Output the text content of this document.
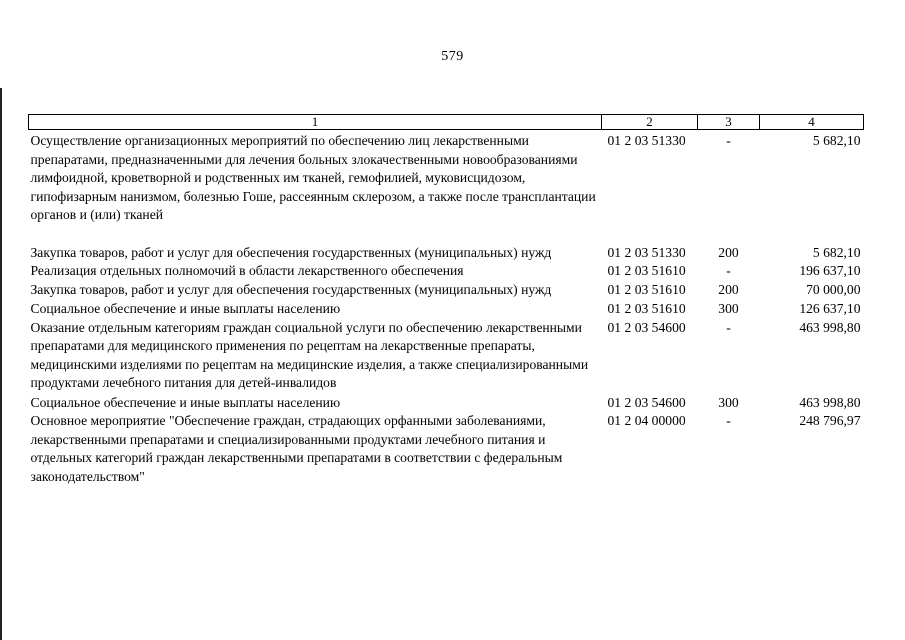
579
1	2	3	4
Осуществление организационных мероприятий по обеспечению лиц лекарственными препаратами, предназначенными для лечения больных злокачественными новообразованиями лимфоидной, кроветворной и родственных им тканей, гемофилией, муковисцидозом, гипофизарным нанизмом, болезнью Гоше, рассеянным склерозом, а также после трансплантации органов и (или) тканей	01 2 03 51330	-	5 682,10
Закупка товаров, работ и услуг для обеспечения государственных (муниципальных) нужд	01 2 03 51330	200	5 682,10
Реализация отдельных полномочий в области лекарственного обеспечения	01 2 03 51610	-	196 637,10
Закупка товаров, работ и услуг для обеспечения государственных (муниципальных) нужд	01 2 03 51610	200	70 000,00
Социальное обеспечение и иные выплаты населению	01 2 03 51610	300	126 637,10
Оказание отдельным категориям граждан социальной услуги по обеспечению лекарственными препаратами для медицинского применения по рецептам на лекарственные препараты, медицинскими изделиями по рецептам на медицинские изделия, а также специализированными продуктами лечебного питания для детей-инвалидов	01 2 03 54600	-	463 998,80
Социальное обеспечение и иные выплаты населению	01 2 03 54600	300	463 998,80
Основное мероприятие "Обеспечение граждан, страдающих орфанными заболеваниями, лекарственными препаратами и специализированными продуктами лечебного питания и отдельных категорий граждан лекарственными препаратами в соответствии с федеральным законодательством"	01 2 04 00000	-	248 796,97
